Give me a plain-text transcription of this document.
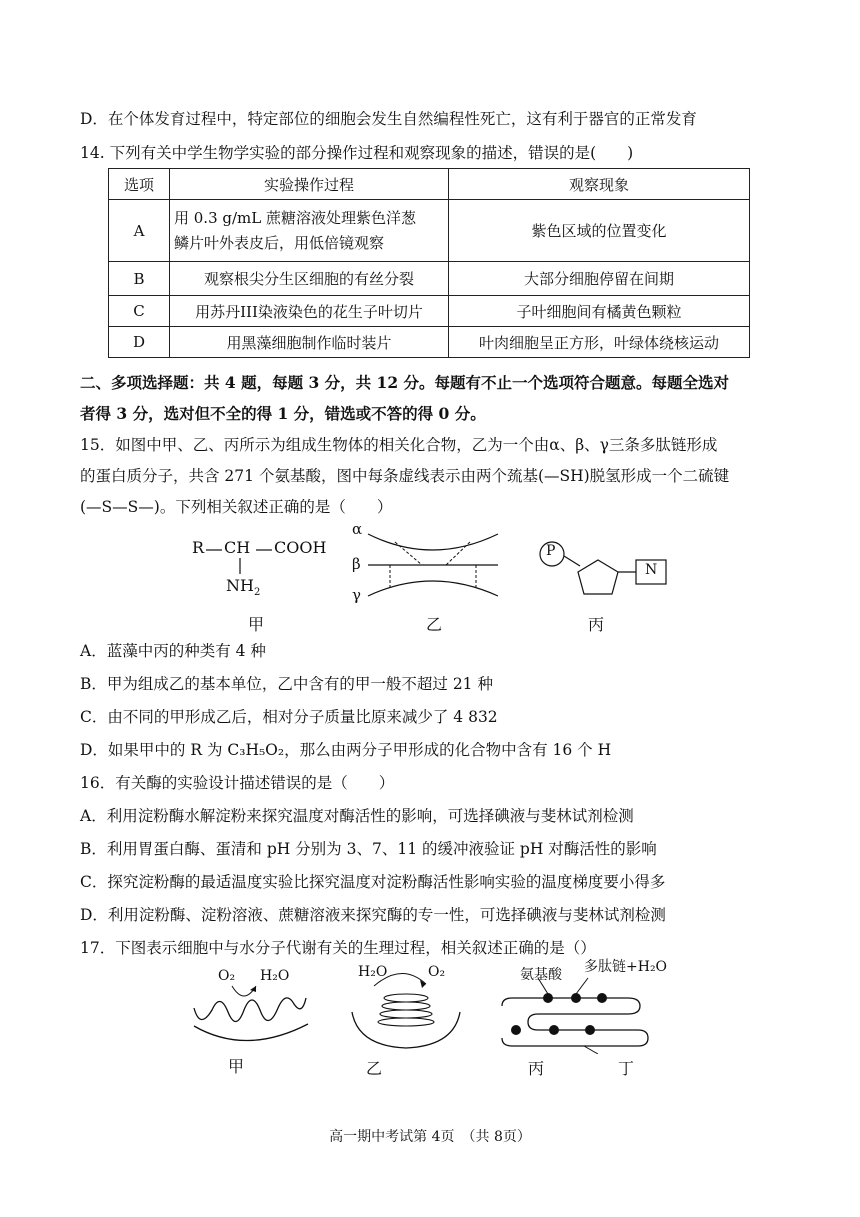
D．在个体发育过程中，特定部位的细胞会发生自然编程性死亡，这有利于器官的正常发育
14. 下列有关中学生物学实验的部分操作过程和观察现象的描述，错误的是(　　)
选项	实验操作过程	观察现象
A	用 0.3 g/mL 蔗糖溶液处理紫色洋葱
鳞片叶外表皮后，用低倍镜观察	紫色区域的位置变化
B	观察根尖分生区细胞的有丝分裂	大部分细胞停留在间期
C	用苏丹III染液染色的花生子叶切片	子叶细胞间有橘黄色颗粒
D	用黑藻细胞制作临时装片	叶肉细胞呈正方形，叶绿体绕核运动
二、多项选择题：共 4 题，每题 3 分，共 12 分。每题有不止一个选项符合题意。每题全选对
者得 3 分，选对但不全的得 1 分，错选或不答的得 0 分。
15．如图中甲、乙、丙所示为组成生物体的相关化合物，乙为一个由α、β、γ三条多肽链形成
的蛋白质分子，共含 271 个氨基酸，图中每条虚线表示由两个巯基(—SH)脱氢形成一个二硫键
(—S—S—)。下列相关叙述正确的是（　　）
R CH COOH
$NH_2$
甲
α
β
γ
乙
P
N
丙
A．蓝藻中丙的种类有 4 种
B．甲为组成乙的基本单位，乙中含有的甲一般不超过 21 种
C．由不同的甲形成乙后，相对分子质量比原来减少了 4 832
D．如果甲中的 R 为 C₃H₅O₂，那么由两分子甲形成的化合物中含有 16 个 H
16．有关酶的实验设计描述错误的是（　　）
A．利用淀粉酶水解淀粉来探究温度对酶活性的影响，可选择碘液与斐林试剂检测
B．利用胃蛋白酶、蛋清和 pH 分别为 3、7、11 的缓冲液验证 pH 对酶活性的影响
C．探究淀粉酶的最适温度实验比探究温度对淀粉酶活性影响实验的温度梯度要小得多
D．利用淀粉酶、淀粉溶液、蔗糖溶液来探究酶的专一性，可选择碘液与斐林试剂检测
17．下图表示细胞中与水分子代谢有关的生理过程，相关叙述正确的是（）
O₂ H₂O
甲
H₂O	O₂
乙
氨基酸 多肽链+H₂O
丙	丁
高一期中考试第 4页　（共 8页）
